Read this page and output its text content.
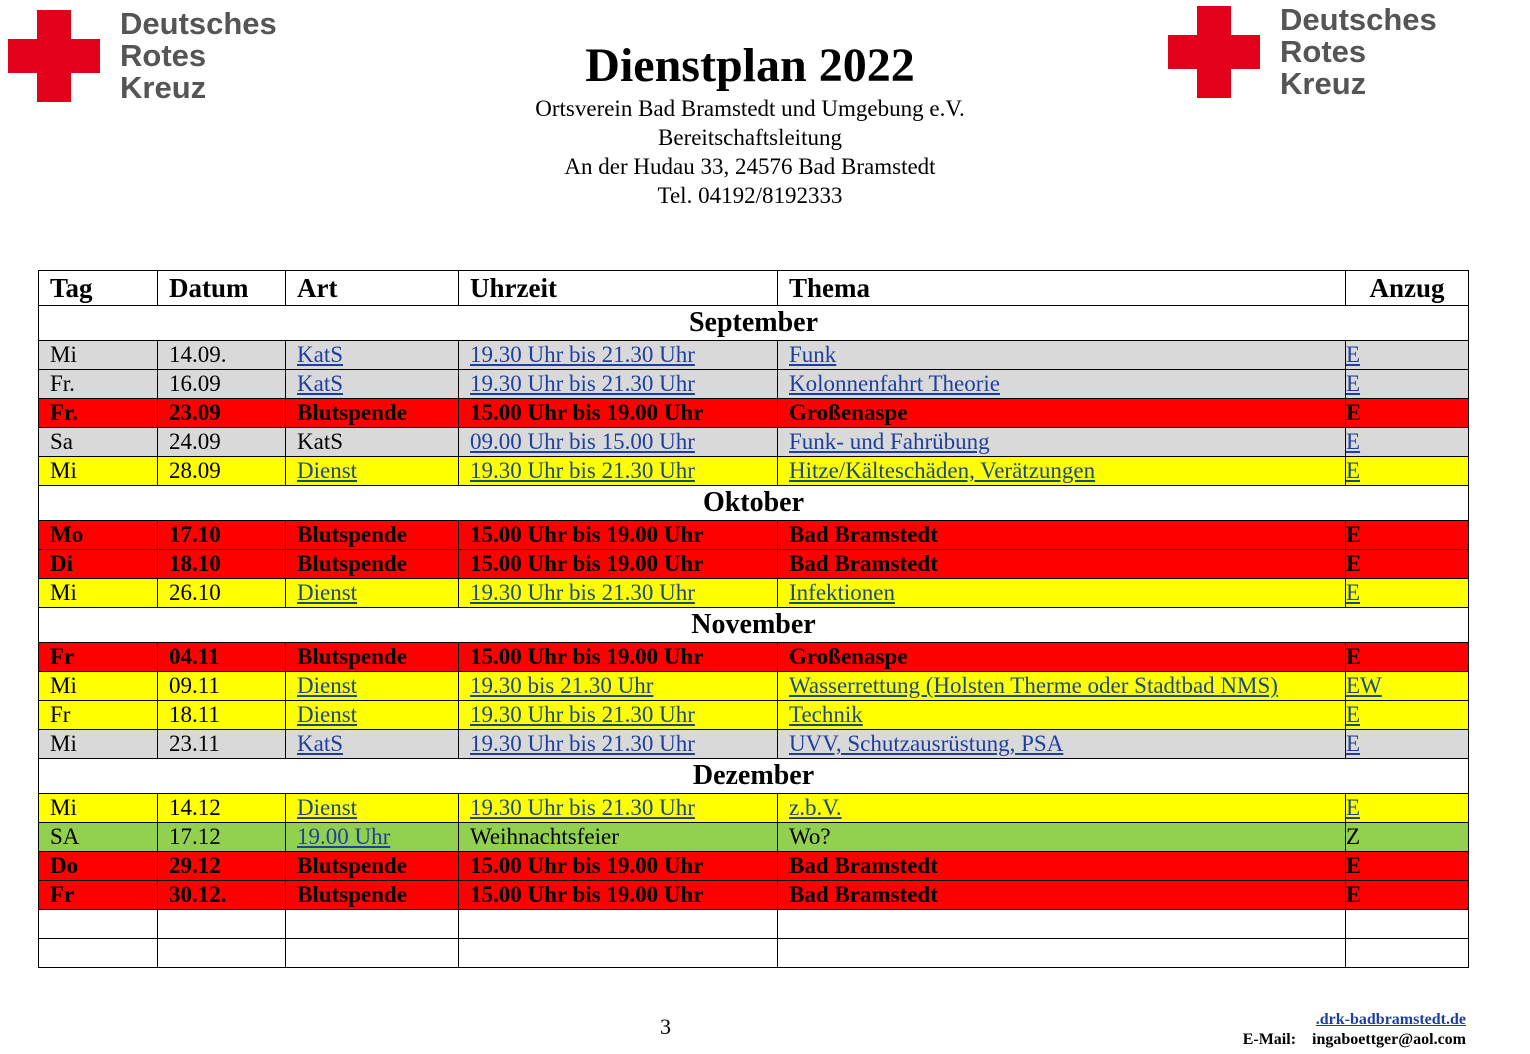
Deutsches
Rotes
Kreuz
Deutsches
Rotes
Kreuz
Dienstplan 2022
Ortsverein Bad Bramstedt und Umgebung e.V.
Bereitschaftsleitung
An der Hudau 33, 24576 Bad Bramstedt
Tel. 04192/8192333
Tag	Datum	Art	Uhrzeit	Thema	Anzug
September					
Mi	14.09.	KatS	19.30 Uhr bis 21.30 Uhr	Funk	E
Fr.	16.09	KatS	19.30 Uhr bis 21.30 Uhr	Kolonnenfahrt Theorie	E
Fr.	23.09	Blutspende	15.00 Uhr bis 19.00 Uhr	Großenaspe	E
Sa	24.09	KatS	09.00 Uhr bis 15.00 Uhr	Funk- und Fahrübung	E
Mi	28.09	Dienst	19.30 Uhr bis 21.30 Uhr	Hitze/Kälteschäden, Verätzungen	E
Oktober					
Mo	17.10	Blutspende	15.00 Uhr bis 19.00 Uhr	Bad Bramstedt	E
Di	18.10	Blutspende	15.00 Uhr bis 19.00 Uhr	Bad Bramstedt	E
Mi	26.10	Dienst	19.30 Uhr bis 21.30 Uhr	Infektionen	E
November					
Fr	04.11	Blutspende	15.00 Uhr bis 19.00 Uhr	Großenaspe	E
Mi	09.11	Dienst	19.30 bis 21.30 Uhr	Wasserrettung (Holsten Therme oder Stadtbad NMS)	EW
Fr	18.11	Dienst	19.30 Uhr bis 21.30 Uhr	Technik	E
Mi	23.11	KatS	19.30 Uhr bis 21.30 Uhr	UVV, Schutzausrüstung, PSA	E
Dezember					
Mi	14.12	Dienst	19.30 Uhr bis 21.30 Uhr	z.b.V.	E
SA	17.12	19.00 Uhr	Weihnachtsfeier	Wo?	Z
Do	29.12	Blutspende	15.00 Uhr bis 19.00 Uhr	Bad Bramstedt	E
Fr	30.12.	Blutspende	15.00 Uhr bis 19.00 Uhr	Bad Bramstedt	E

3	.drk-badbramstedt.de
E-Mail: ingaboettger@aol.com
